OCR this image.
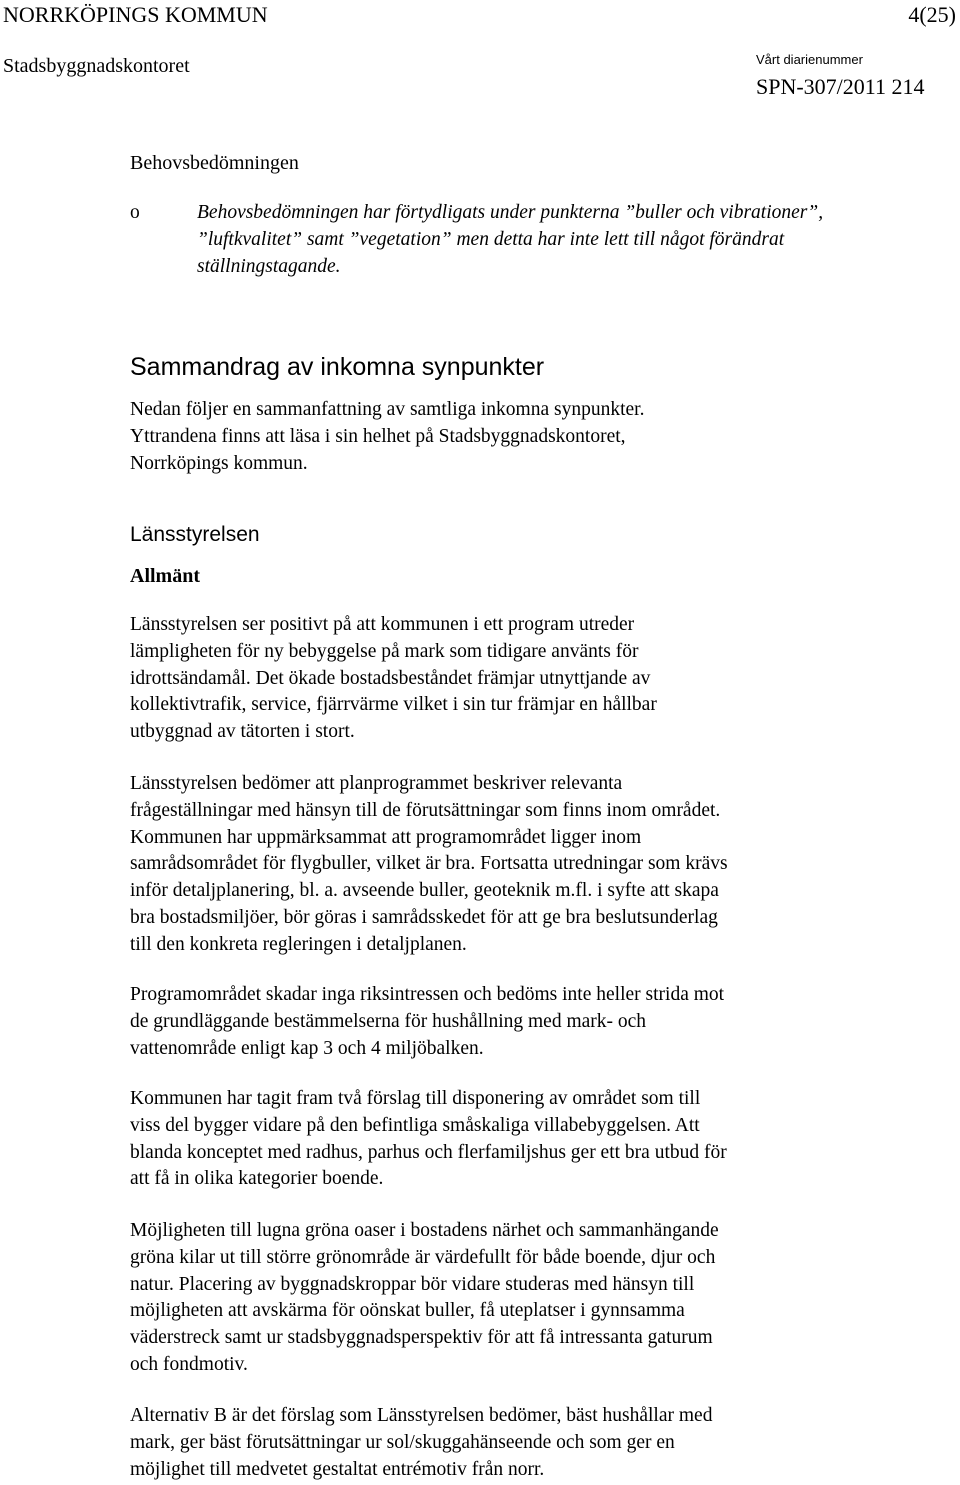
NORRKÖPINGS KOMMUN	4(25)
Stadsbyggnadskontoret	Vårt diarienummer
SPN-307/2011 214
Behovsbedömningen
o	Behovsbedömningen har förtydligats under punkterna ”buller och vibrationer”, ”luftkvalitet” samt ”vegetation” men detta har inte lett till något förändrat ställningstagande.
Sammandrag av inkomna synpunkter
Nedan följer en sammanfattning av samtliga inkomna synpunkter.
Yttrandena finns att läsa i sin helhet på Stadsbyggnadskontoret,
Norrköpings kommun.
Länsstyrelsen
Allmänt
Länsstyrelsen ser positivt på att kommunen i ett program utreder
lämpligheten för ny bebyggelse på mark som tidigare använts för
idrottsändamål. Det ökade bostadsbeståndet främjar utnyttjande av
kollektivtrafik, service, fjärrvärme vilket i sin tur främjar en hållbar
utbyggnad av tätorten i stort.
Länsstyrelsen bedömer att planprogrammet beskriver relevanta
frågeställningar med hänsyn till de förutsättningar som finns inom området.
Kommunen har uppmärksammat att programområdet ligger inom
samrådsområdet för flygbuller, vilket är bra. Fortsatta utredningar som krävs
inför detaljplanering, bl. a. avseende buller, geoteknik m.fl. i syfte att skapa
bra bostadsmiljöer, bör göras i samrådsskedet för att ge bra beslutsunderlag
till den konkreta regleringen i detaljplanen.
Programområdet skadar inga riksintressen och bedöms inte heller strida mot
de grundläggande bestämmelserna för hushållning med mark- och
vattenområde enligt kap 3 och 4 miljöbalken.
Kommunen har tagit fram två förslag till disponering av området som till
viss del bygger vidare på den befintliga småskaliga villabebyggelsen. Att
blanda konceptet med radhus, parhus och flerfamiljshus ger ett bra utbud för
att få in olika kategorier boende.
Möjligheten till lugna gröna oaser i bostadens närhet och sammanhängande
gröna kilar ut till större grönområde är värdefullt för både boende, djur och
natur. Placering av byggnadskroppar bör vidare studeras med hänsyn till
möjligheten att avskärma för oönskat buller, få uteplatser i gynnsamma
väderstreck samt ur stadsbyggnadsperspektiv för att få intressanta gaturum
och fondmotiv.
Alternativ B är det förslag som Länsstyrelsen bedömer, bäst hushållar med
mark, ger bäst förutsättningar ur sol/skuggahänseende och som ger en
möjlighet till medvetet gestaltat entrémotiv från norr.
